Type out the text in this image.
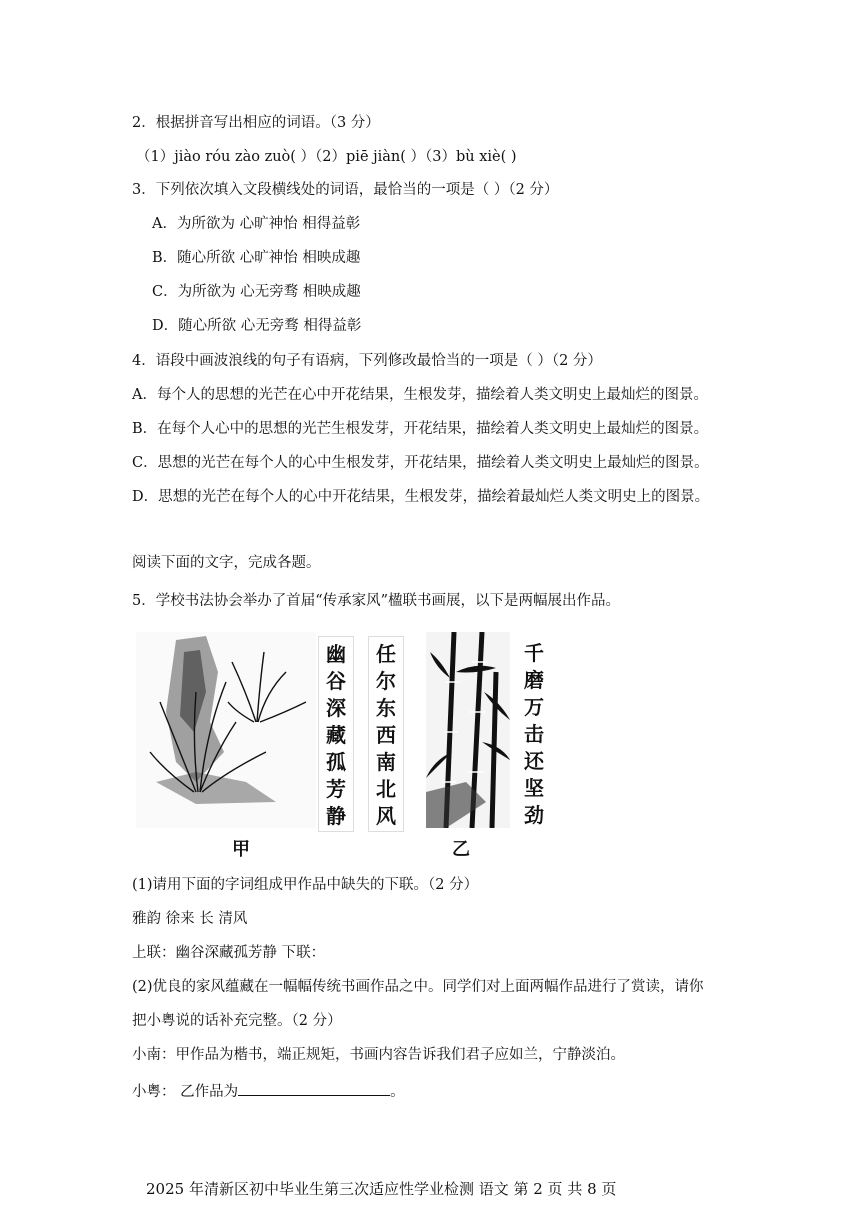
2．根据拼音写出相应的词语。（3 分）
（1）jiào róu zào zuò( ）（2）piē jiàn( ）（3）bù xiè( )
3．下列依次填入文段横线处的词语，最恰当的一项是（ ）（2 分）
A．为所欲为 心旷神怡 相得益彰
B．随心所欲 心旷神怡 相映成趣
C．为所欲为 心无旁骛 相映成趣
D．随心所欲 心无旁骛 相得益彰
4．语段中画波浪线的句子有语病，下列修改最恰当的一项是（ ）（2 分）
A．每个人的思想的光芒在心中开花结果，生根发芽，描绘着人类文明史上最灿烂的图景。
B．在每个人心中的思想的光芒生根发芽，开花结果，描绘着人类文明史上最灿烂的图景。
C．思想的光芒在每个人的心中生根发芽，开花结果，描绘着人类文明史上最灿烂的图景。
D．思想的光芒在每个人的心中开花结果，生根发芽，描绘着最灿烂人类文明史上的图景。
阅读下面的文字，完成各题。
5．学校书法协会举办了首届“传承家风”楹联书画展，以下是两幅展出作品。
幽
谷
深
藏
孤
芳
静
任
尔
东
西
南
北
风
千
磨
万
击
还
坚
劲
甲	乙
(1)请用下面的字词组成甲作品中缺失的下联。（2 分）
雅韵 徐来 长 清风
上联：幽谷深藏孤芳静 下联：
(2)优良的家风蕴藏在一幅幅传统书画作品之中。同学们对上面两幅作品进行了赏读，请你
把小粤说的话补充完整。（2 分）
小南：甲作品为楷书，端正规矩，书画内容告诉我们君子应如兰，宁静淡泊。
小粤： 乙作品为	。
2025 年清新区初中毕业生第三次适应性学业检测 语文 第 2 页 共 8 页
